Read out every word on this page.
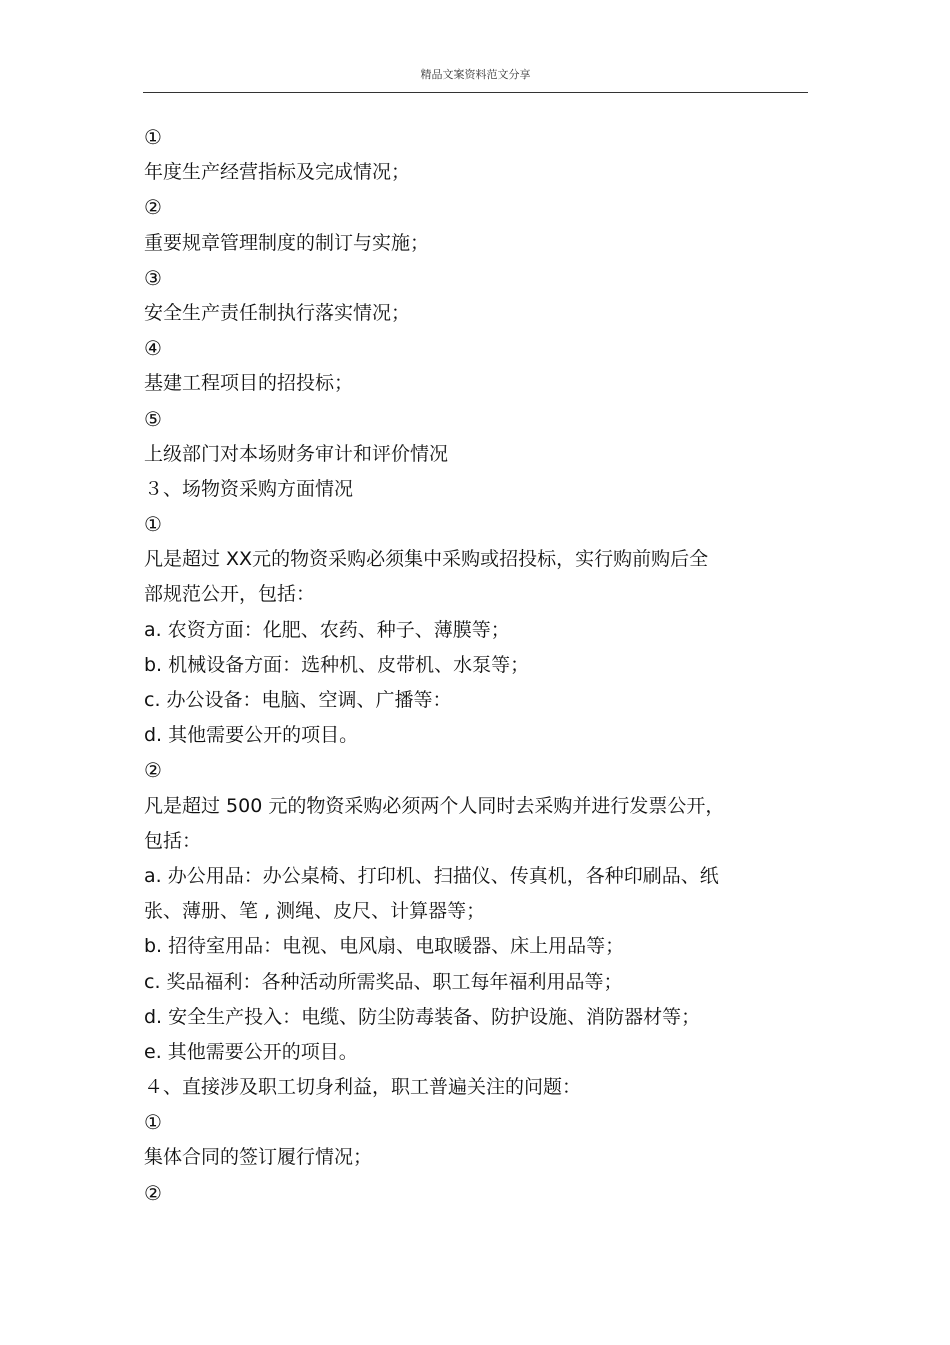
精品文案资料范文分享
①
年度生产经营指标及完成情况；
②
重要规章管理制度的制订与实施；
③
安全生产责任制执行落实情况；
④
基建工程项目的招投标；
⑤
上级部门对本场财务审计和评价情况
３、场物资采购方面情况
①
凡是超过 XX元的物资采购必须集中采购或招投标，实行购前购后全
部规范公开，包括：
a. 农资方面：化肥、农药、种子、薄膜等；
b. 机械设备方面：选种机、皮带机、水泵等；
c. 办公设备：电脑、空调、广播等：
d. 其他需要公开的项目。
②
凡是超过 500 元的物资采购必须两个人同时去采购并进行发票公开，
包括：
a. 办公用品：办公桌椅、打印机、扫描仪、传真机，各种印刷品、纸
张、薄册、笔 , 测绳、皮尺、计算器等；
b. 招待室用品：电视、电风扇、电取暖器、床上用品等；
c. 奖品福利：各种活动所需奖品、职工每年福利用品等；
d. 安全生产投入：电缆、防尘防毒装备、防护设施、消防器材等；
e. 其他需要公开的项目。
４、直接涉及职工切身利益，职工普遍关注的问题：
①
集体合同的签订履行情况；
②
